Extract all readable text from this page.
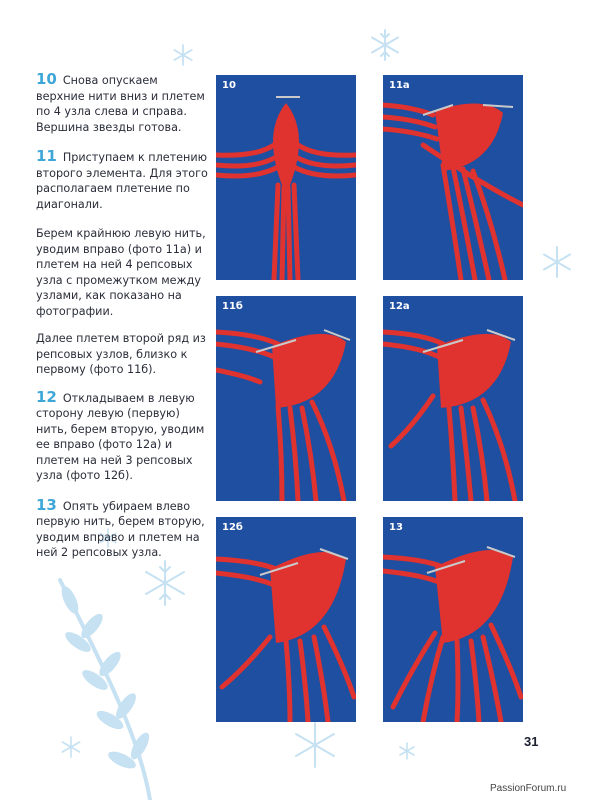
10 Снова опускаем верхние нити вниз и плетем по 4 узла слева и справа. Вершина звезды готова.

11 Приступаем к плетению второго элемента. Для этого располагаем плетение по диагонали.

Берем крайнюю левую нить, уводим вправо (фото 11а) и плетем на ней 4 репсовых узла с промежутком между узлами, как показано на фотографии.

Далее плетем второй ряд из репсовых узлов, близко к первому (фото 11б).

12 Откладываем в левую сторону левую (первую) нить, берем вторую, уводим ее вправо (фото 12а) и плетем на ней 3 репсовых узла (фото 12б).

13 Опять убираем влево первую нить, берем вторую, уводим вправо и плетем на ней 2 репсовых узла.

10	11а
11б	12а
12б	13
31
PassionForum.ru
